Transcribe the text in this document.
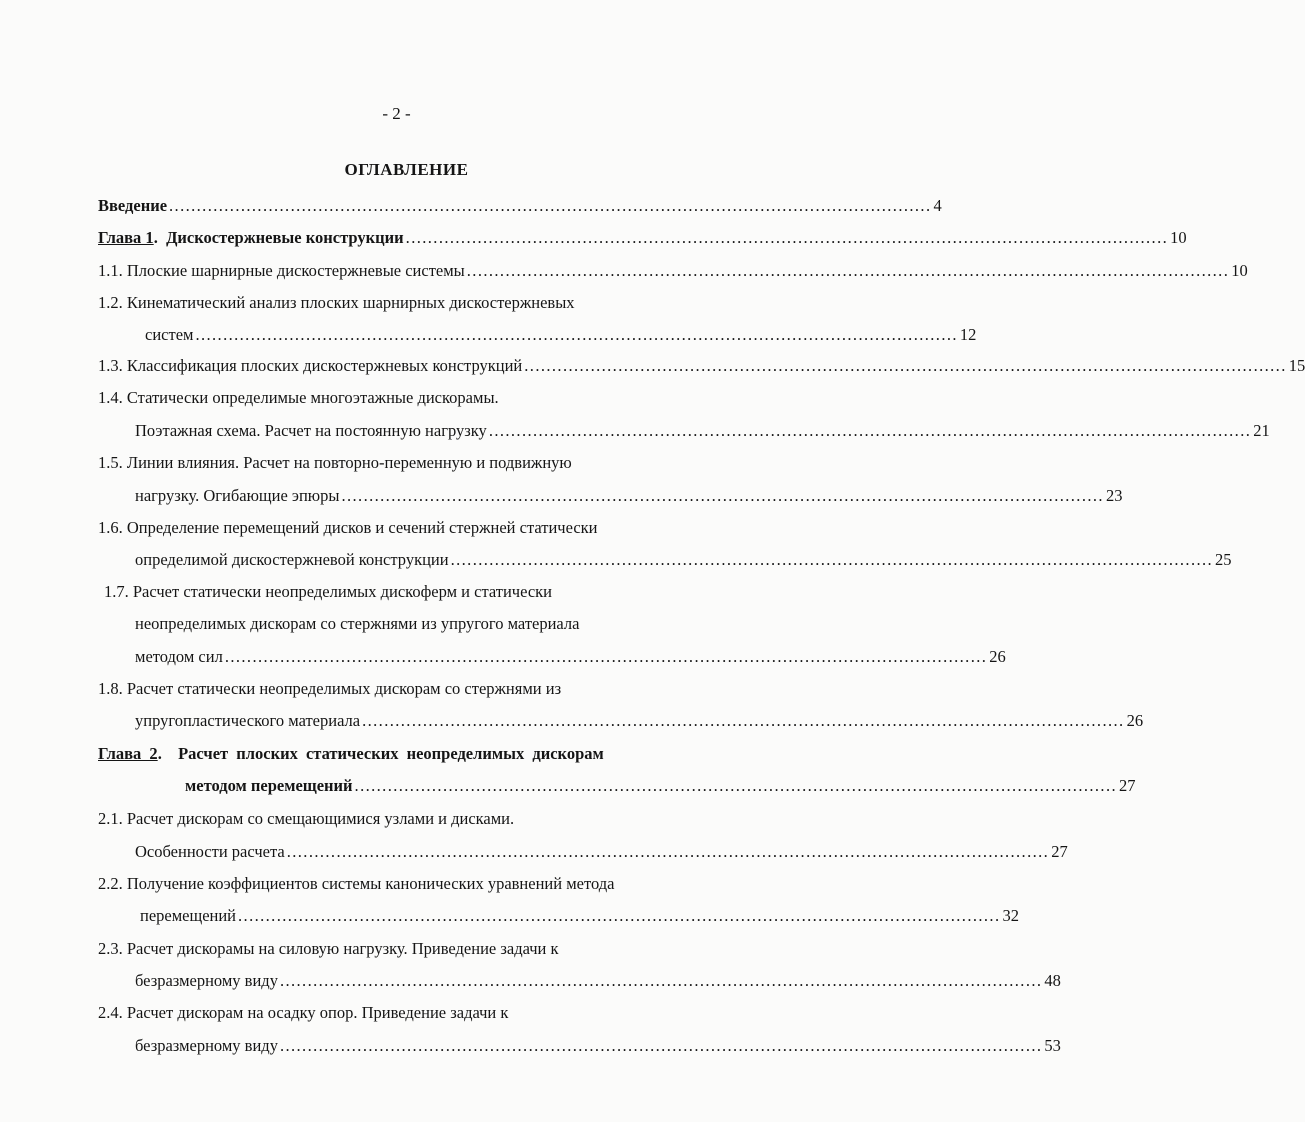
- 2 -
ОГЛАВЛЕНИЕ
Введение .......................................................................................................................................... 4
Глава 1. Дискостержневые конструкции .......................................................................................................................................... 10
1.1. Плоские шарнирные дискостержневые системы .......................................................................................................................................... 10
1.2. Кинематический анализ плоских шарнирных дискостержневых
систем .......................................................................................................................................... 12
1.3. Классификация плоских дискостержневых конструкций .......................................................................................................................................... 15
1.4. Статически определимые многоэтажные дискорамы.
Поэтажная схема. Расчет на постоянную нагрузку .......................................................................................................................................... 21
1.5. Линии влияния. Расчет на повторно-переменную и подвижную
нагрузку. Огибающие эпюры .......................................................................................................................................... 23
1.6. Определение перемещений дисков и сечений стержней статически
определимой дискостержневой конструкции .......................................................................................................................................... 25
1.7. Расчет статически неопределимых дискоферм и статически
неопределимых дискорам со стержнями из упругого материала
методом сил .......................................................................................................................................... 26
1.8. Расчет статически неопределимых дискорам со стержнями из
упругопластического материала .......................................................................................................................................... 26
Глава 2. Расчет плоских статических неопределимых дискорам
методом перемещений .......................................................................................................................................... 27
2.1. Расчет дискорам со смещающимися узлами и дисками.
Особенности расчета .......................................................................................................................................... 27
2.2. Получение коэффициентов системы канонических уравнений метода
перемещений .......................................................................................................................................... 32
2.3. Расчет дискорамы на силовую нагрузку. Приведение задачи к
безразмерному виду .......................................................................................................................................... 48
2.4. Расчет дискорам на осадку опор. Приведение задачи к
безразмерному виду .......................................................................................................................................... 53
